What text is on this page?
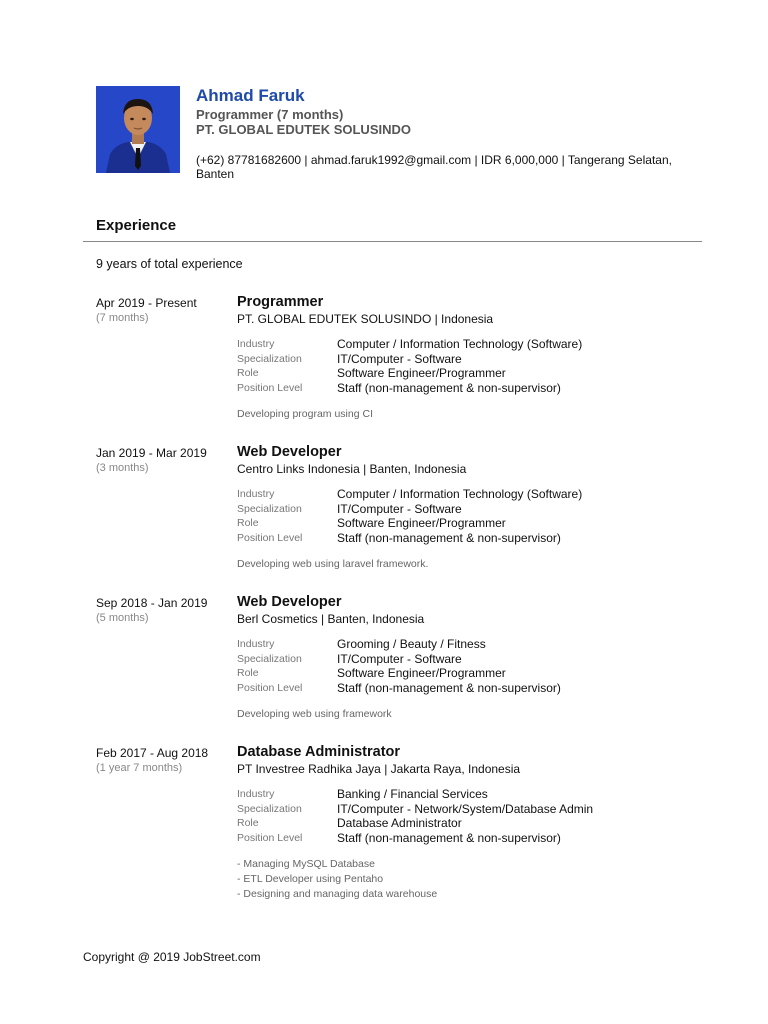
Ahmad Faruk
Programmer (7 months)
PT. GLOBAL EDUTEK SOLUSINDO
(+62) 87781682600 | ahmad.faruk1992@gmail.com | IDR 6,000,000 | Tangerang Selatan, Banten
Experience
9 years of total experience
Apr 2019 - Present
(7 months)
Programmer
PT. GLOBAL EDUTEK SOLUSINDO | Indonesia
Industry	Computer / Information Technology (Software)
Specialization	IT/Computer - Software
Role	Software Engineer/Programmer
Position Level	Staff (non-management & non-supervisor)
Developing program using CI
Jan 2019 - Mar 2019
(3 months)
Web Developer
Centro Links Indonesia | Banten, Indonesia
Industry	Computer / Information Technology (Software)
Specialization	IT/Computer - Software
Role	Software Engineer/Programmer
Position Level	Staff (non-management & non-supervisor)
Developing web using laravel framework.
Sep 2018 - Jan 2019
(5 months)
Web Developer
Berl Cosmetics | Banten, Indonesia
Industry	Grooming / Beauty / Fitness
Specialization	IT/Computer - Software
Role	Software Engineer/Programmer
Position Level	Staff (non-management & non-supervisor)
Developing web using framework
Feb 2017 - Aug 2018
(1 year 7 months)
Database Administrator
PT Investree Radhika Jaya | Jakarta Raya, Indonesia
Industry	Banking / Financial Services
Specialization	IT/Computer - Network/System/Database Admin
Role	Database Administrator
Position Level	Staff (non-management & non-supervisor)
- Managing MySQL Database
- ETL Developer using Pentaho
- Designing and managing data warehouse
Copyright @ 2019 JobStreet.com
